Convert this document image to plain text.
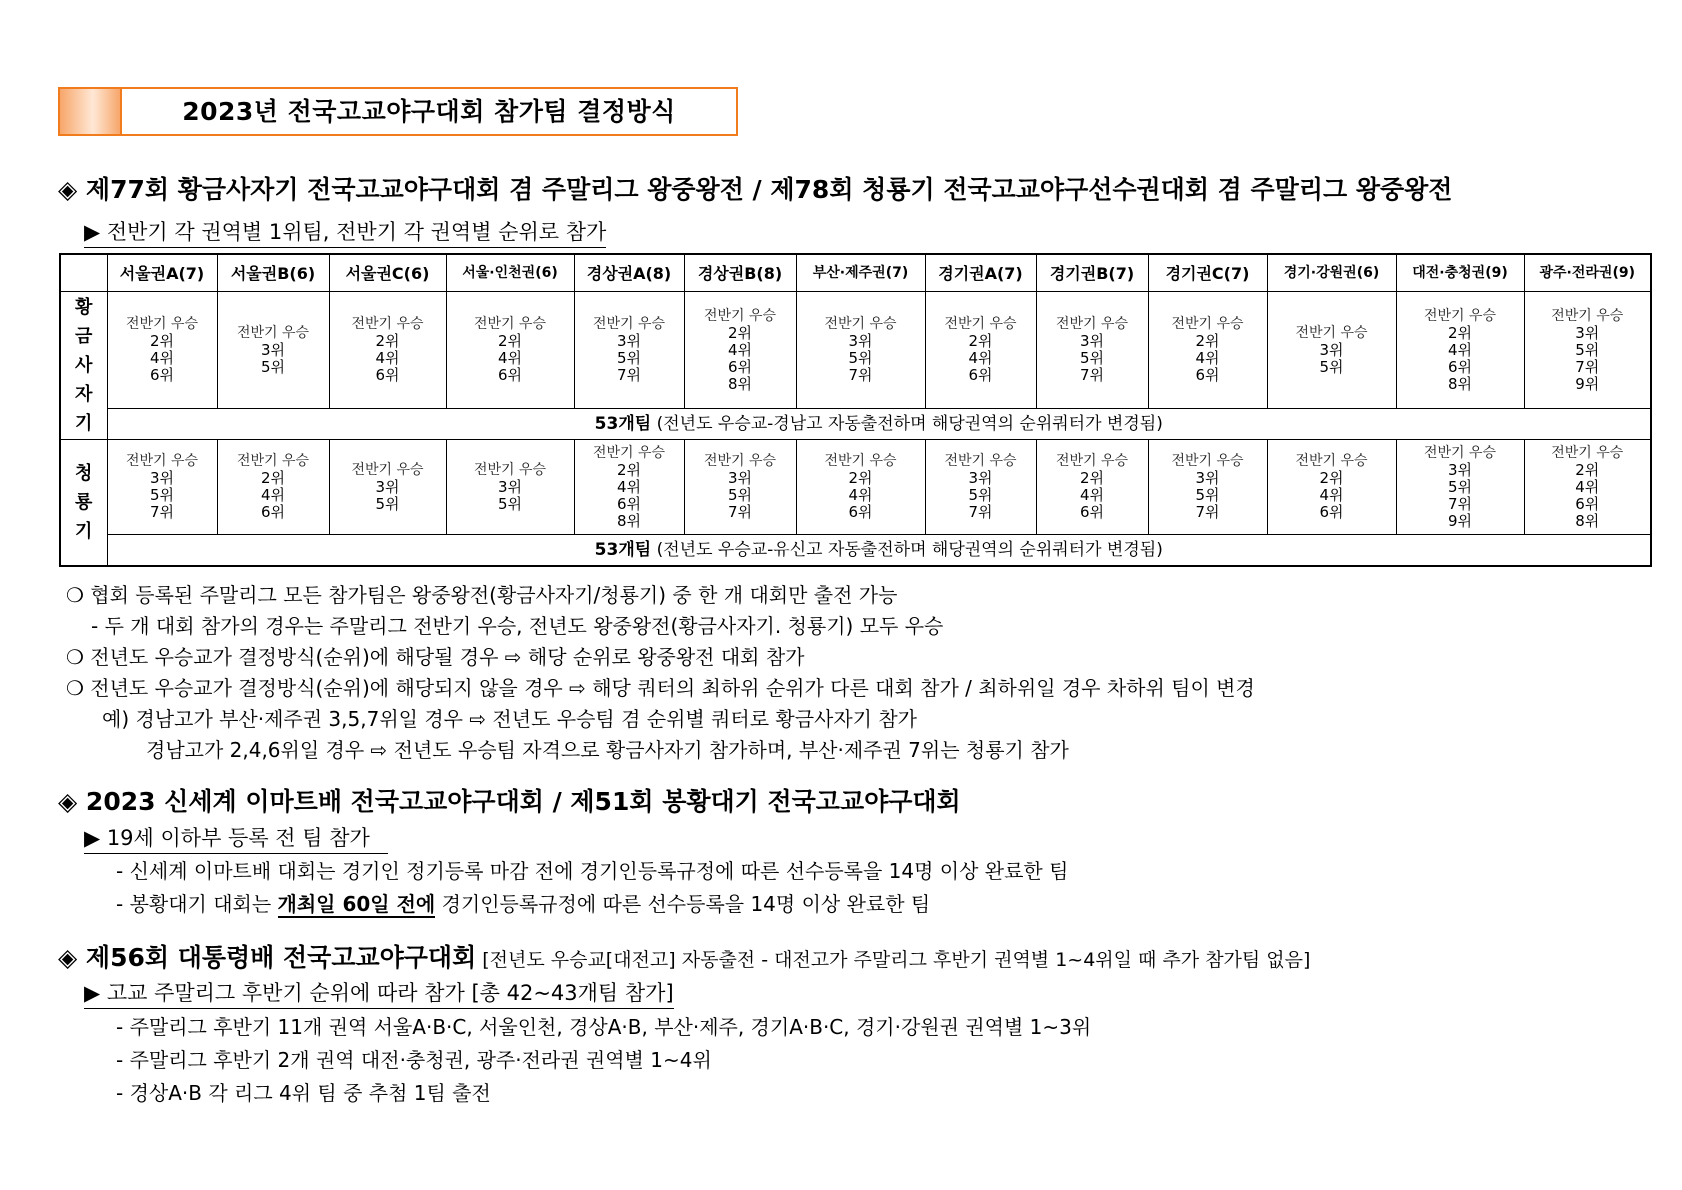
2023년 전국고교야구대회 참가팀 결정방식
◈ 제77회 황금사자기 전국고교야구대회 겸 주말리그 왕중왕전 / 제78회 청룡기 전국고교야구선수권대회 겸 주말리그 왕중왕전
▶ 전반기 각 권역별 1위팀, 전반기 각 권역별 순위로 참가
	서울권A(7)	서울권B(6)	서울권C(6)	서울·인천권(6)	경상권A(8)	경상권B(8)	부산·제주권(7)	경기권A(7)	경기권B(7)	경기권C(7)	경기·강원권(6)	대전·충청권(9)	광주·전라권(9)

황
금
사
자
기	전반기 우승
2위
4위
6위	전반기 우승
3위
5위	전반기 우승
2위
4위
6위	전반기 우승
2위
4위
6위	전반기 우승
3위
5위
7위	전반기 우승
2위
4위
6위
8위	전반기 우승
3위
5위
7위	전반기 우승
2위
4위
6위	전반기 우승
3위
5위
7위	전반기 우승
2위
4위
6위	전반기 우승
3위
5위	전반기 우승
2위
4위
6위
8위	전반기 우승
3위
5위
7위
9위

	53개팀 (전년도 우승교-경남고 자동출전하며 해당권역의 순위쿼터가 변경됨)												

청
룡
기	전반기 우승
3위
5위
7위	전반기 우승
2위
4위
6위	전반기 우승
3위
5위	전반기 우승
3위
5위	전반기 우승
2위
4위
6위
8위	전반기 우승
3위
5위
7위	전반기 우승
2위
4위
6위	전반기 우승
3위
5위
7위	전반기 우승
2위
4위
6위	전반기 우승
3위
5위
7위	전반기 우승
2위
4위
6위	전반기 우승
3위
5위
7위
9위	전반기 우승
2위
4위
6위
8위

	53개팀 (전년도 우승교-유신고 자동출전하며 해당권역의 순위쿼터가 변경됨)												
❍ 협회 등록된 주말리그 모든 참가팀은 왕중왕전(황금사자기/청룡기) 중 한 개 대회만 출전 가능
- 두 개 대회 참가의 경우는 주말리그 전반기 우승, 전년도 왕중왕전(황금사자기. 청룡기) 모두 우승
❍ 전년도 우승교가 결정방식(순위)에 해당될 경우 ⇨ 해당 순위로 왕중왕전 대회 참가
❍ 전년도 우승교가 결정방식(순위)에 해당되지 않을 경우 ⇨ 해당 쿼터의 최하위 순위가 다른 대회 참가 / 최하위일 경우 차하위 팀이 변경
예) 경남고가 부산·제주권 3,5,7위일 경우 ⇨ 전년도 우승팀 겸 순위별 쿼터로 황금사자기 참가
경남고가 2,4,6위일 경우 ⇨ 전년도 우승팀 자격으로 황금사자기 참가하며, 부산·제주권 7위는 청룡기 참가
◈ 2023 신세계 이마트배 전국고교야구대회 / 제51회 봉황대기 전국고교야구대회
▶ 19세 이하부 등록 전 팀 참가
- 신세계 이마트배 대회는 경기인 정기등록 마감 전에 경기인등록규정에 따른 선수등록을 14명 이상 완료한 팀
- 봉황대기 대회는 개최일 60일 전에 경기인등록규정에 따른 선수등록을 14명 이상 완료한 팀
◈ 제56회 대통령배 전국고교야구대회 [전년도 우승교[대전고] 자동출전 - 대전고가 주말리그 후반기 권역별 1~4위일 때 추가 참가팀 없음]
▶ 고교 주말리그 후반기 순위에 따라 참가 [총 42~43개팀 참가]
- 주말리그 후반기 11개 권역 서울A·B·C, 서울인천, 경상A·B, 부산·제주, 경기A·B·C, 경기·강원권 권역별 1~3위
- 주말리그 후반기 2개 권역 대전·충청권, 광주·전라권 권역별 1~4위
- 경상A·B 각 리그 4위 팀 중 추첨 1팀 출전
